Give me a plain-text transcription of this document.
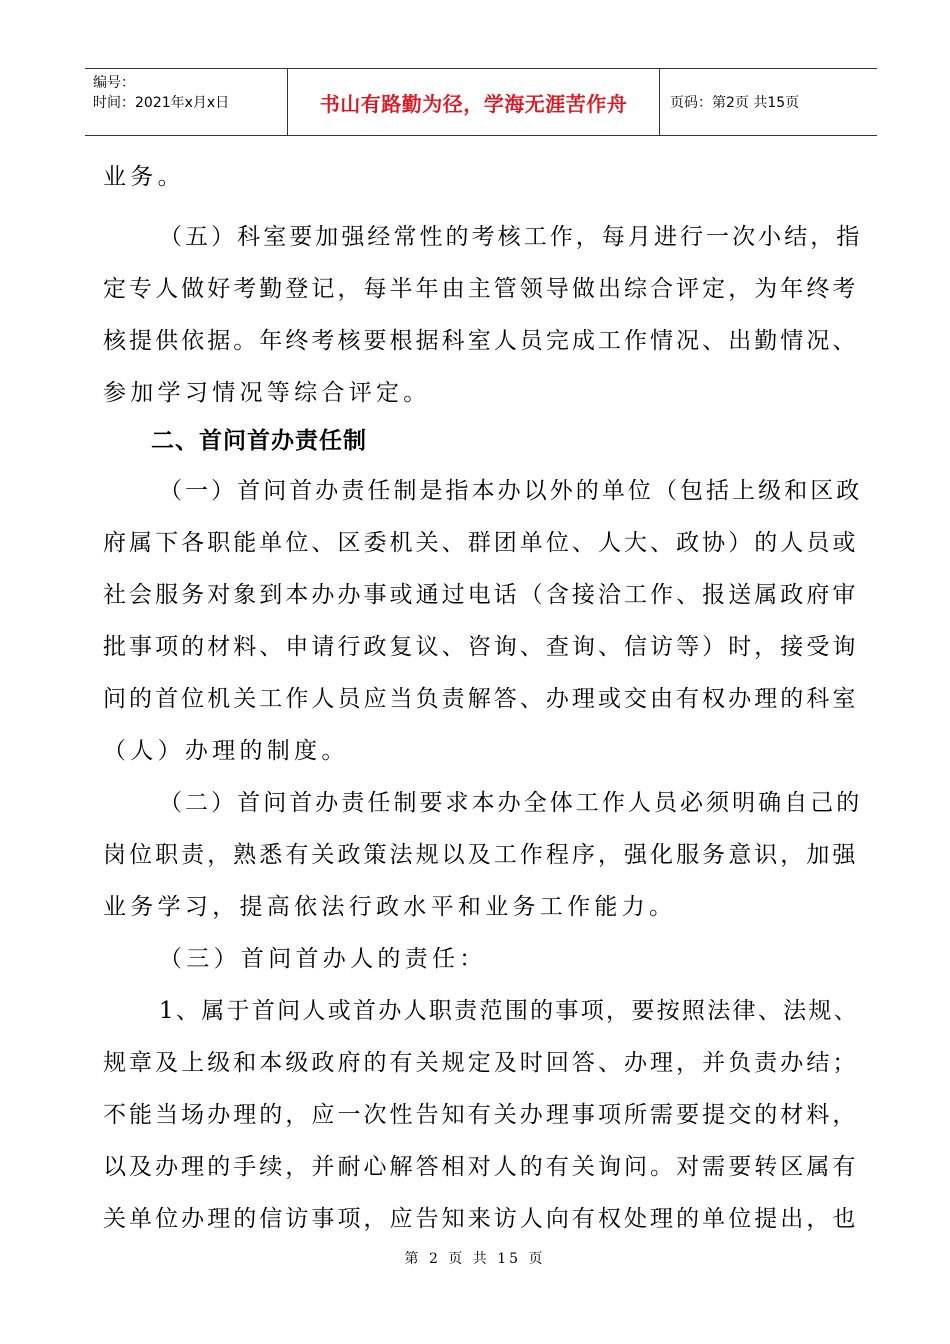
编号：
时间：2021年x月x日	书山有路勤为径，学海无涯苦作舟	页码：第2页 共15页
业务。
（五）科室要加强经常性的考核工作，每月进行一次小结，指
定专人做好考勤登记，每半年由主管领导做出综合评定，为年终考
核提供依据。年终考核要根据科室人员完成工作情况、出勤情况、
参加学习情况等综合评定。
二、首问首办责任制
（一）首问首办责任制是指本办以外的单位（包括上级和区政
府属下各职能单位、区委机关、群团单位、人大、政协）的人员或
社会服务对象到本办办事或通过电话（含接洽工作、报送属政府审
批事项的材料、申请行政复议、咨询、查询、信访等）时，接受询
问的首位机关工作人员应当负责解答、办理或交由有权办理的科室
（人）办理的制度。
（二）首问首办责任制要求本办全体工作人员必须明确自己的
岗位职责，熟悉有关政策法规以及工作程序，强化服务意识，加强
业务学习，提高依法行政水平和业务工作能力。
（三）首问首办人的责任：
1、属于首问人或首办人职责范围的事项，要按照法律、法规、
规章及上级和本级政府的有关规定及时回答、办理，并负责办结；
不能当场办理的，应一次性告知有关办理事项所需要提交的材料，
以及办理的手续，并耐心解答相对人的有关询问。对需要转区属有
关单位办理的信访事项，应告知来访人向有权处理的单位提出，也
第 2 页 共 15 页
